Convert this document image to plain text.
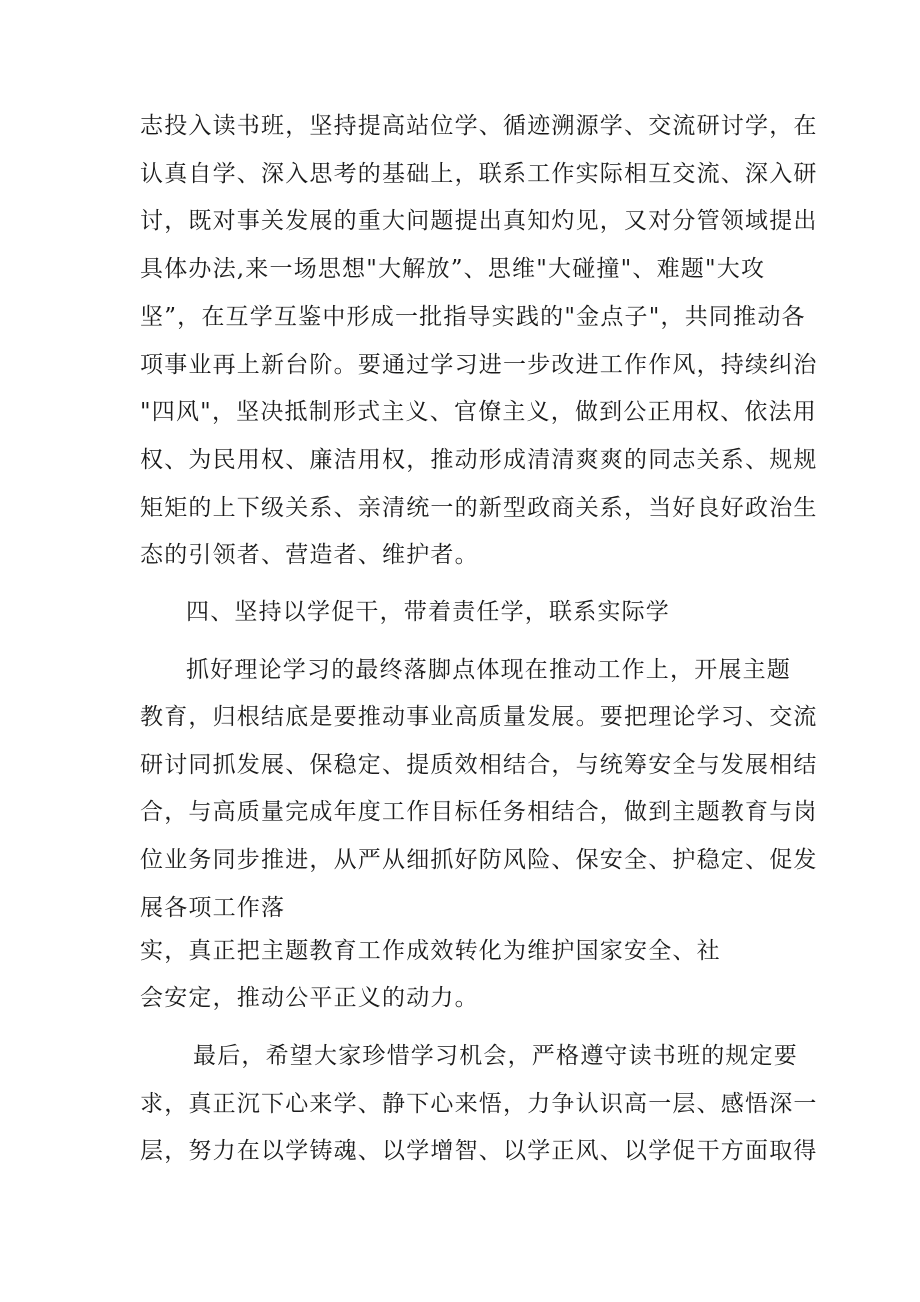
志投入读书班，坚持提高站位学、循迹溯源学、交流研讨学，在
认真自学、深入思考的基础上，联系工作实际相互交流、深入研
讨，既对事关发展的重大问题提出真知灼见，又对分管领域提出
具体办法,来一场思想"大解放”、思维"大碰撞"、难题"大攻
坚”，在互学互鉴中形成一批指导实践的"金点子"，共同推动各
项事业再上新台阶。要通过学习进一步改进工作作风，持续纠治
"四风"，坚决抵制形式主义、官僚主义，做到公正用权、依法用
权、为民用权、廉洁用权，推动形成清清爽爽的同志关系、规规
矩矩的上下级关系、亲清统一的新型政商关系，当好良好政治生
态的引领者、营造者、维护者。
四、坚持以学促干，带着责任学，联系实际学
抓好理论学习的最终落脚点体现在推动工作上，开展主题
教育，归根结底是要推动事业高质量发展。要把理论学习、交流
研讨同抓发展、保稳定、提质效相结合，与统筹安全与发展相结
合，与高质量完成年度工作目标任务相结合，做到主题教育与岗
位业务同步推进，从严从细抓好防风险、保安全、护稳定、促发
展各项工作落
实，真正把主题教育工作成效转化为维护国家安全、社
会安定，推动公平正义的动力。
最后，希望大家珍惜学习机会，严格遵守读书班的规定要
求，真正沉下心来学、静下心来悟，力争认识高一层、感悟深一
层，努力在以学铸魂、以学增智、以学正风、以学促干方面取得
